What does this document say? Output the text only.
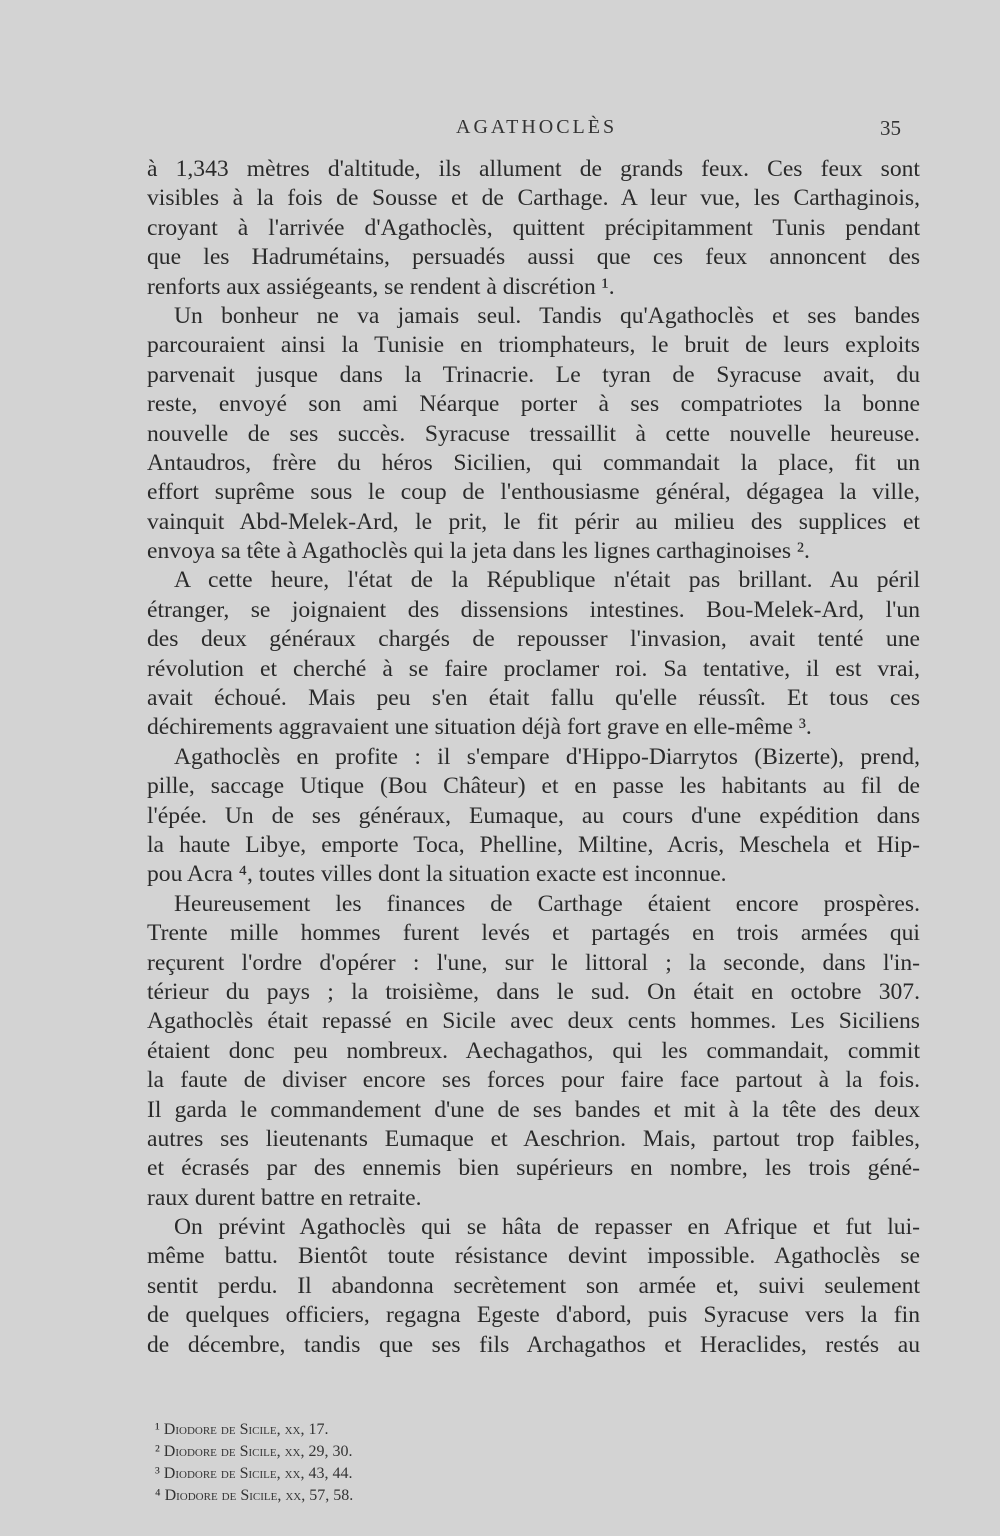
AGATHOCLÈS	35
à 1,343 mètres d'altitude, ils allument de grands feux. Ces feux sont
visibles à la fois de Sousse et de Carthage. A leur vue, les Carthaginois,
croyant à l'arrivée d'Agathoclès, quittent précipitamment Tunis pendant
que les Hadrumétains, persuadés aussi que ces feux annoncent des
renforts aux assiégeants, se rendent à discrétion ¹.
Un bonheur ne va jamais seul. Tandis qu'Agathoclès et ses bandes
parcouraient ainsi la Tunisie en triomphateurs, le bruit de leurs exploits
parvenait jusque dans la Trinacrie. Le tyran de Syracuse avait, du
reste, envoyé son ami Néarque porter à ses compatriotes la bonne
nouvelle de ses succès. Syracuse tressaillit à cette nouvelle heureuse.
Antaudros, frère du héros Sicilien, qui commandait la place, fit un
effort suprême sous le coup de l'enthousiasme général, dégagea la ville,
vainquit Abd-Melek-Ard, le prit, le fit périr au milieu des supplices et
envoya sa tête à Agathoclès qui la jeta dans les lignes carthaginoises ².
A cette heure, l'état de la République n'était pas brillant. Au péril
étranger, se joignaient des dissensions intestines. Bou-Melek-Ard, l'un
des deux généraux chargés de repousser l'invasion, avait tenté une
révolution et cherché à se faire proclamer roi. Sa tentative, il est vrai,
avait échoué. Mais peu s'en était fallu qu'elle réussît. Et tous ces
déchirements aggravaient une situation déjà fort grave en elle-même ³.
Agathoclès en profite : il s'empare d'Hippo-Diarrytos (Bizerte), prend,
pille, saccage Utique (Bou Châteur) et en passe les habitants au fil de
l'épée. Un de ses généraux, Eumaque, au cours d'une expédition dans
la haute Libye, emporte Toca, Phelline, Miltine, Acris, Meschela et Hip-
pou Acra ⁴, toutes villes dont la situation exacte est inconnue.
Heureusement les finances de Carthage étaient encore prospères.
Trente mille hommes furent levés et partagés en trois armées qui
reçurent l'ordre d'opérer : l'une, sur le littoral ; la seconde, dans l'in-
térieur du pays ; la troisième, dans le sud. On était en octobre 307.
Agathoclès était repassé en Sicile avec deux cents hommes. Les Siciliens
étaient donc peu nombreux. Aechagathos, qui les commandait, commit
la faute de diviser encore ses forces pour faire face partout à la fois.
Il garda le commandement d'une de ses bandes et mit à la tête des deux
autres ses lieutenants Eumaque et Aeschrion. Mais, partout trop faibles,
et écrasés par des ennemis bien supérieurs en nombre, les trois géné-
raux durent battre en retraite.
On prévint Agathoclès qui se hâta de repasser en Afrique et fut lui-
même battu. Bientôt toute résistance devint impossible. Agathoclès se
sentit perdu. Il abandonna secrètement son armée et, suivi seulement
de quelques officiers, regagna Egeste d'abord, puis Syracuse vers la fin
de décembre, tandis que ses fils Archagathos et Heraclides, restés au
¹ Diodore de Sicile, xx, 17.
² Diodore de Sicile, xx, 29, 30.
³ Diodore de Sicile, xx, 43, 44.
⁴ Diodore de Sicile, xx, 57, 58.
